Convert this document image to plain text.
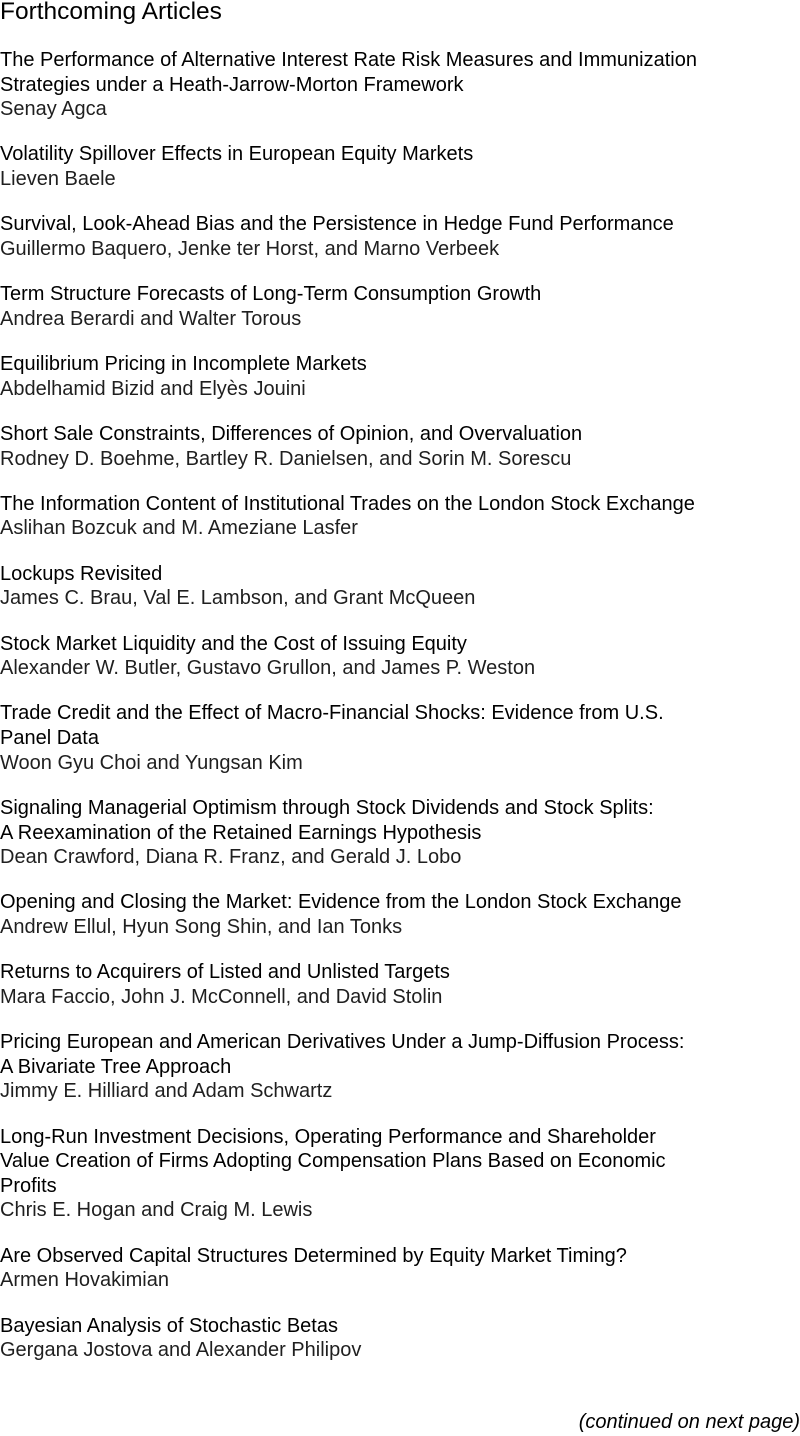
Forthcoming Articles
The Performance of Alternative Interest Rate Risk Measures and Immunization
Strategies under a Heath-Jarrow-Morton Framework
Senay Agca
Volatility Spillover Effects in European Equity Markets
Lieven Baele
Survival, Look-Ahead Bias and the Persistence in Hedge Fund Performance
Guillermo Baquero, Jenke ter Horst, and Marno Verbeek
Term Structure Forecasts of Long-Term Consumption Growth
Andrea Berardi and Walter Torous
Equilibrium Pricing in Incomplete Markets
Abdelhamid Bizid and Elyès Jouini
Short Sale Constraints, Differences of Opinion, and Overvaluation
Rodney D. Boehme, Bartley R. Danielsen, and Sorin M. Sorescu
The Information Content of Institutional Trades on the London Stock Exchange
Aslihan Bozcuk and M. Ameziane Lasfer
Lockups Revisited
James C. Brau, Val E. Lambson, and Grant McQueen
Stock Market Liquidity and the Cost of Issuing Equity
Alexander W. Butler, Gustavo Grullon, and James P. Weston
Trade Credit and the Effect of Macro-Financial Shocks: Evidence from U.S.
Panel Data
Woon Gyu Choi and Yungsan Kim
Signaling Managerial Optimism through Stock Dividends and Stock Splits:
A Reexamination of the Retained Earnings Hypothesis
Dean Crawford, Diana R. Franz, and Gerald J. Lobo
Opening and Closing the Market: Evidence from the London Stock Exchange
Andrew Ellul, Hyun Song Shin, and Ian Tonks
Returns to Acquirers of Listed and Unlisted Targets
Mara Faccio, John J. McConnell, and David Stolin
Pricing European and American Derivatives Under a Jump-Diffusion Process:
A Bivariate Tree Approach
Jimmy E. Hilliard and Adam Schwartz
Long-Run Investment Decisions, Operating Performance and Shareholder
Value Creation of Firms Adopting Compensation Plans Based on Economic
Profits
Chris E. Hogan and Craig M. Lewis
Are Observed Capital Structures Determined by Equity Market Timing?
Armen Hovakimian
Bayesian Analysis of Stochastic Betas
Gergana Jostova and Alexander Philipov
(continued on next page)
